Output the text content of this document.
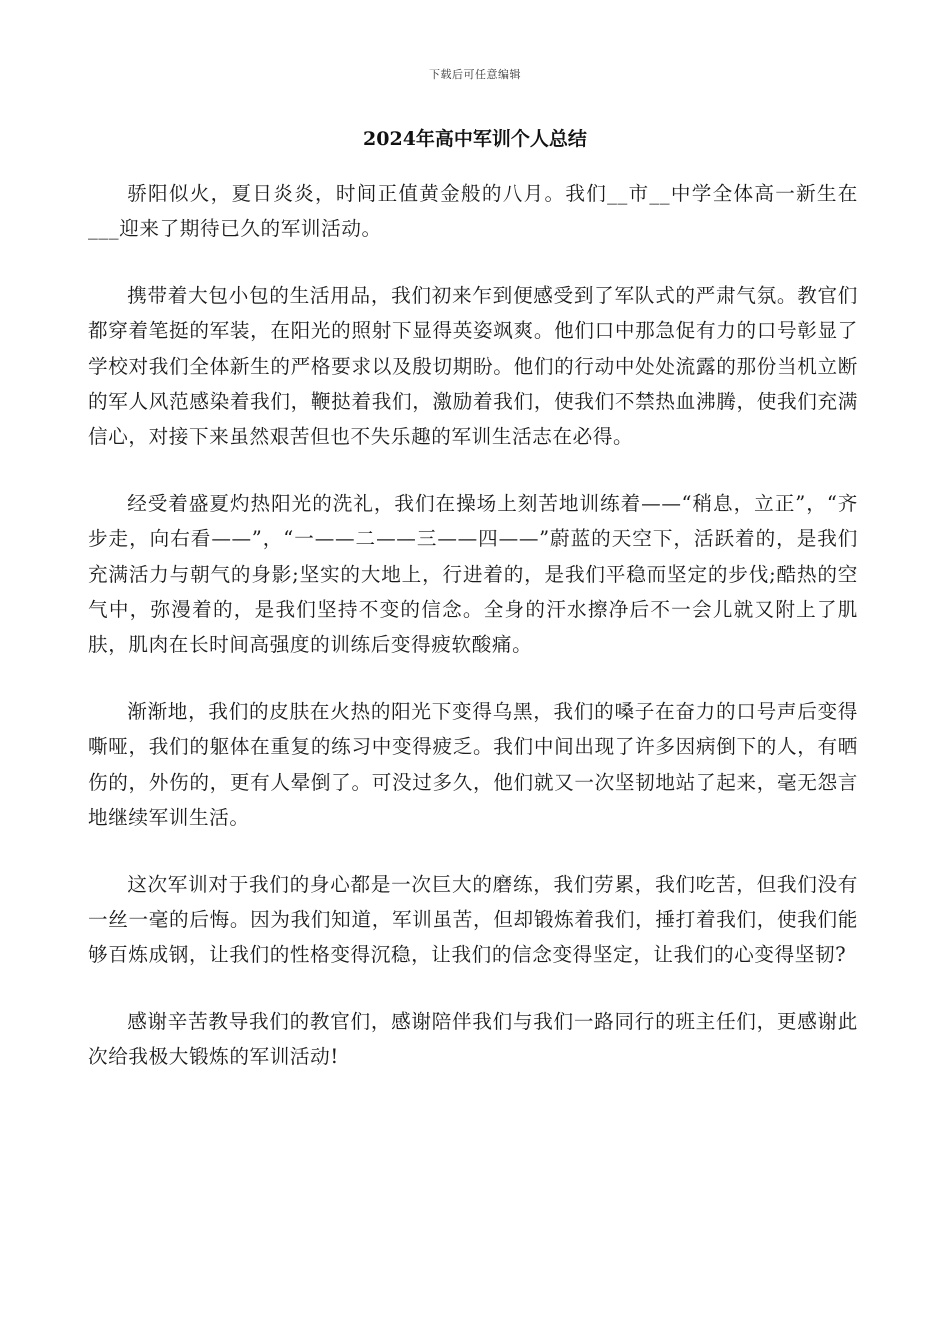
下载后可任意编辑
2024年高中军训个人总结

骄阳似火，夏日炎炎，时间正值黄金般的八月。我们__市__中学全体高一新生在___迎来了期待已久的军训活动。

携带着大包小包的生活用品，我们初来乍到便感受到了军队式的严肃气氛。教官们都穿着笔挺的军装，在阳光的照射下显得英姿飒爽。他们口中那急促有力的口号彰显了学校对我们全体新生的严格要求以及殷切期盼。他们的行动中处处流露的那份当机立断的军人风范感染着我们，鞭挞着我们，激励着我们，使我们不禁热血沸腾，使我们充满信心，对接下来虽然艰苦但也不失乐趣的军训生活志在必得。

经受着盛夏灼热阳光的洗礼，我们在操场上刻苦地训练着——“稍息，立正”，“齐步走，向右看——”，“一——二——三——四——”蔚蓝的天空下，活跃着的，是我们充满活力与朝气的身影;坚实的大地上，行进着的，是我们平稳而坚定的步伐;酷热的空气中，弥漫着的，是我们坚持不变的信念。全身的汗水擦净后不一会儿就又附上了肌肤，肌肉在长时间高强度的训练后变得疲软酸痛。

渐渐地，我们的皮肤在火热的阳光下变得乌黑，我们的嗓子在奋力的口号声后变得嘶哑，我们的躯体在重复的练习中变得疲乏。我们中间出现了许多因病倒下的人，有晒伤的，外伤的，更有人晕倒了。可没过多久，他们就又一次坚韧地站了起来，毫无怨言地继续军训生活。

这次军训对于我们的身心都是一次巨大的磨练，我们劳累，我们吃苦，但我们没有一丝一毫的后悔。因为我们知道，军训虽苦，但却锻炼着我们，捶打着我们，使我们能够百炼成钢，让我们的性格变得沉稳，让我们的信念变得坚定，让我们的心变得坚韧?

感谢辛苦教导我们的教官们，感谢陪伴我们与我们一路同行的班主任们，更感谢此次给我极大锻炼的军训活动!
